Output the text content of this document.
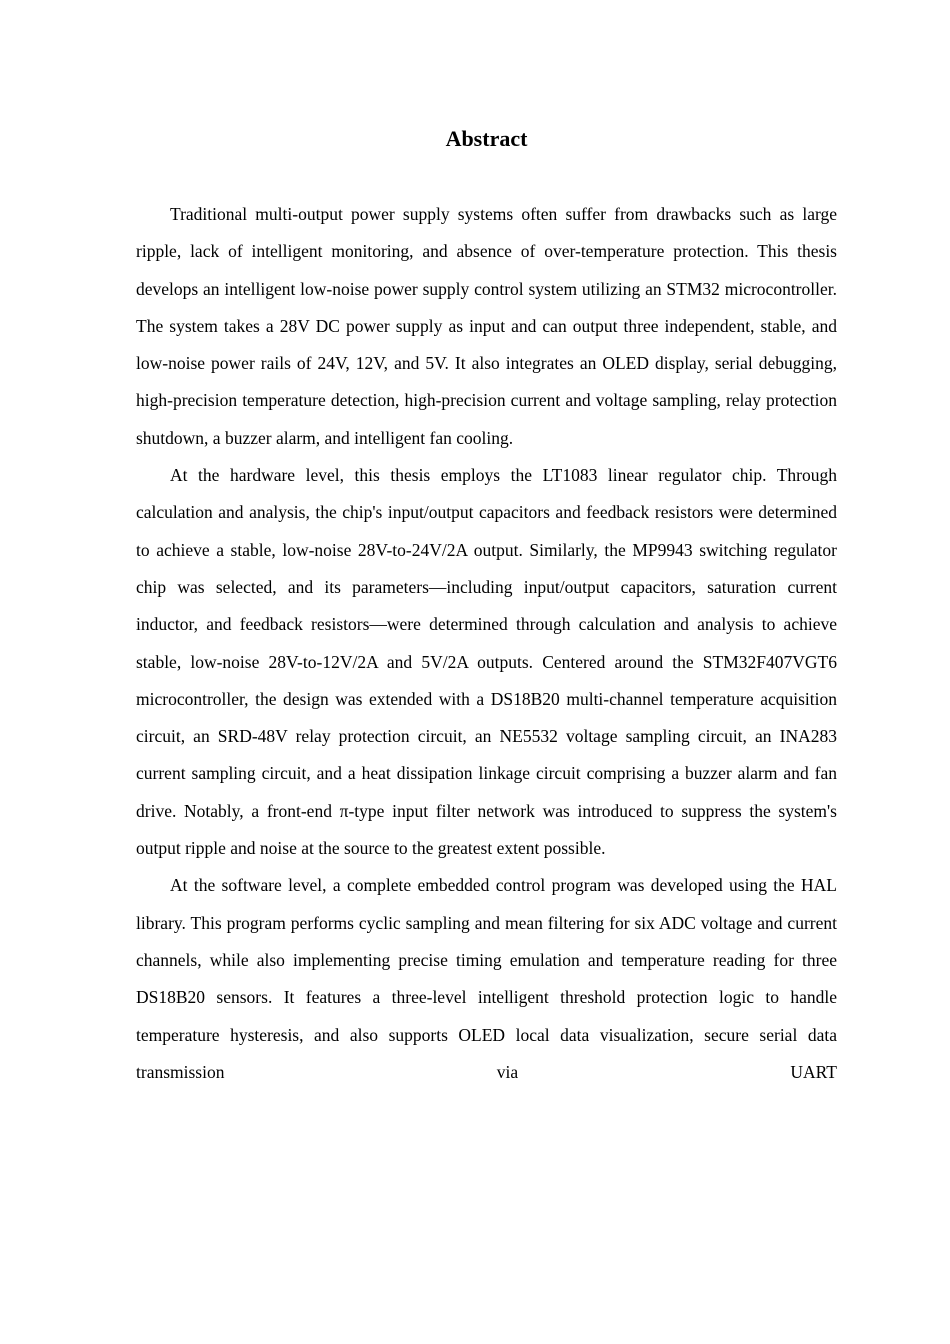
Abstract

Traditional multi-output power supply systems often suffer from drawbacks such as large ripple, lack of intelligent monitoring, and absence of over-temperature protection. This thesis develops an intelligent low-noise power supply control system utilizing an STM32 microcontroller. The system takes a 28V DC power supply as input and can output three independent, stable, and low-noise power rails of 24V, 12V, and 5V. It also integrates an OLED display, serial debugging, high-precision temperature detection, high-precision current and voltage sampling, relay protection shutdown, a buzzer alarm, and intelligent fan cooling.

At the hardware level, this thesis employs the LT1083 linear regulator chip. Through calculation and analysis, the chip's input/output capacitors and feedback resistors were determined to achieve a stable, low-noise 28V-to-24V/2A output. Similarly, the MP9943 switching regulator chip was selected, and its parameters—including input/output capacitors, saturation current inductor, and feedback resistors—were determined through calculation and analysis to achieve stable, low-noise 28V-to-12V/2A and 5V/2A outputs. Centered around the STM32F407VGT6 microcontroller, the design was extended with a DS18B20 multi-channel temperature acquisition circuit, an SRD-48V relay protection circuit, an NE5532 voltage sampling circuit, an INA283 current sampling circuit, and a heat dissipation linkage circuit comprising a buzzer alarm and fan drive. Notably, a front-end π-type input filter network was introduced to suppress the system's output ripple and noise at the source to the greatest extent possible.

At the software level, a complete embedded control program was developed using the HAL library. This program performs cyclic sampling and mean filtering for six ADC voltage and current channels, while also implementing precise timing emulation and temperature reading for three DS18B20 sensors. It features a three-level intelligent threshold protection logic to handle temperature hysteresis, and also supports OLED local data visualization, secure serial data transmission via UART
